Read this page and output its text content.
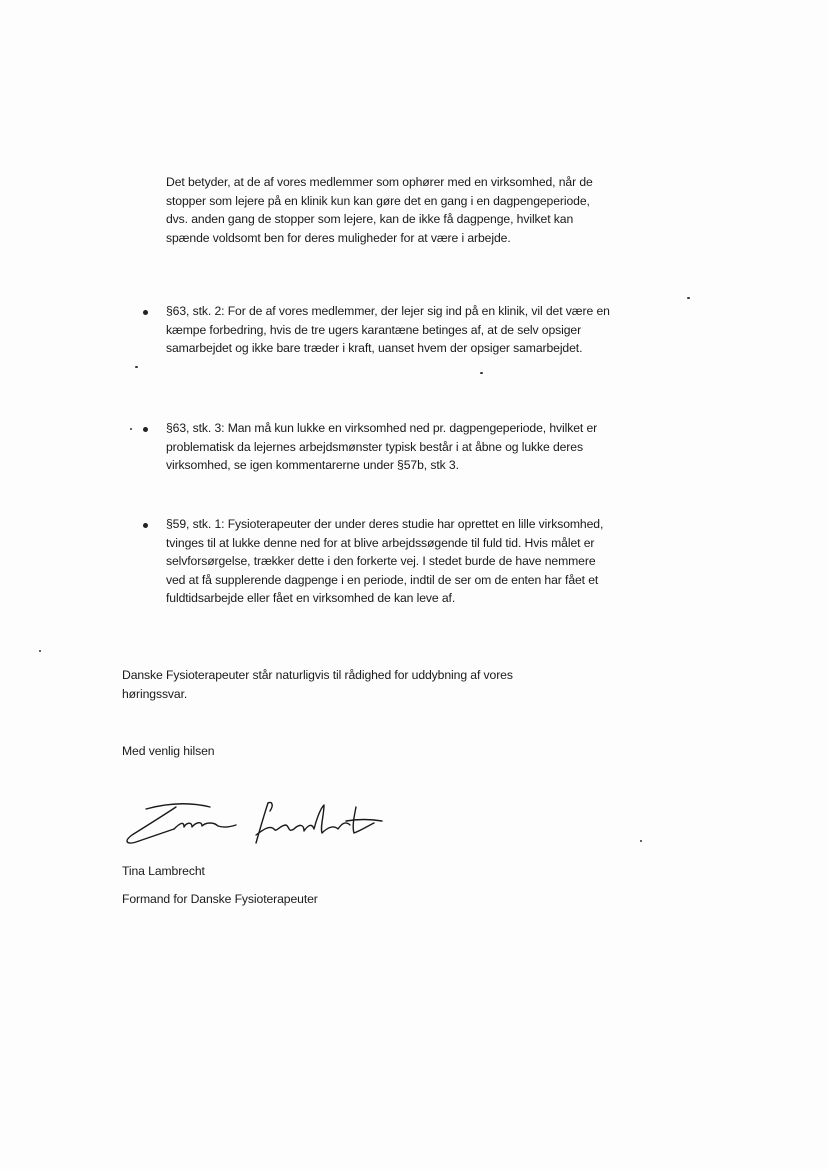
Det betyder, at de af vores medlemmer som ophører med en virksomhed, når de stopper som lejere på en klinik kun kan gøre det en gang i en dagpengeperiode, dvs. anden gang de stopper som lejere, kan de ikke få dagpenge, hvilket kan spænde voldsomt ben for deres muligheder for at være i arbejde.

§63, stk. 2: For de af vores medlemmer, der lejer sig ind på en klinik, vil det være en kæmpe forbedring, hvis de tre ugers karantæne betinges af, at de selv opsiger samarbejdet og ikke bare træder i kraft, uanset hvem der opsiger samarbejdet.

§63, stk. 3: Man må kun lukke en virksomhed ned pr. dagpengeperiode, hvilket er problematisk da lejernes arbejdsmønster typisk består i at åbne og lukke deres virksomhed, se igen kommentarerne under §57b, stk 3.

§59, stk. 1: Fysioterapeuter der under deres studie har oprettet en lille virksomhed, tvinges til at lukke denne ned for at blive arbejdssøgende til fuld tid. Hvis målet er selvforsørgelse, trækker dette i den forkerte vej. I stedet burde de have nemmere ved at få supplerende dagpenge i en periode, indtil de ser om de enten har fået et fuldtidsarbejde eller fået en virksomhed de kan leve af.

Danske Fysioterapeuter står naturligvis til rådighed for uddybning af vores høringssvar.

Med venlig hilsen

Tina Lambrecht

Formand for Danske Fysioterapeuter
